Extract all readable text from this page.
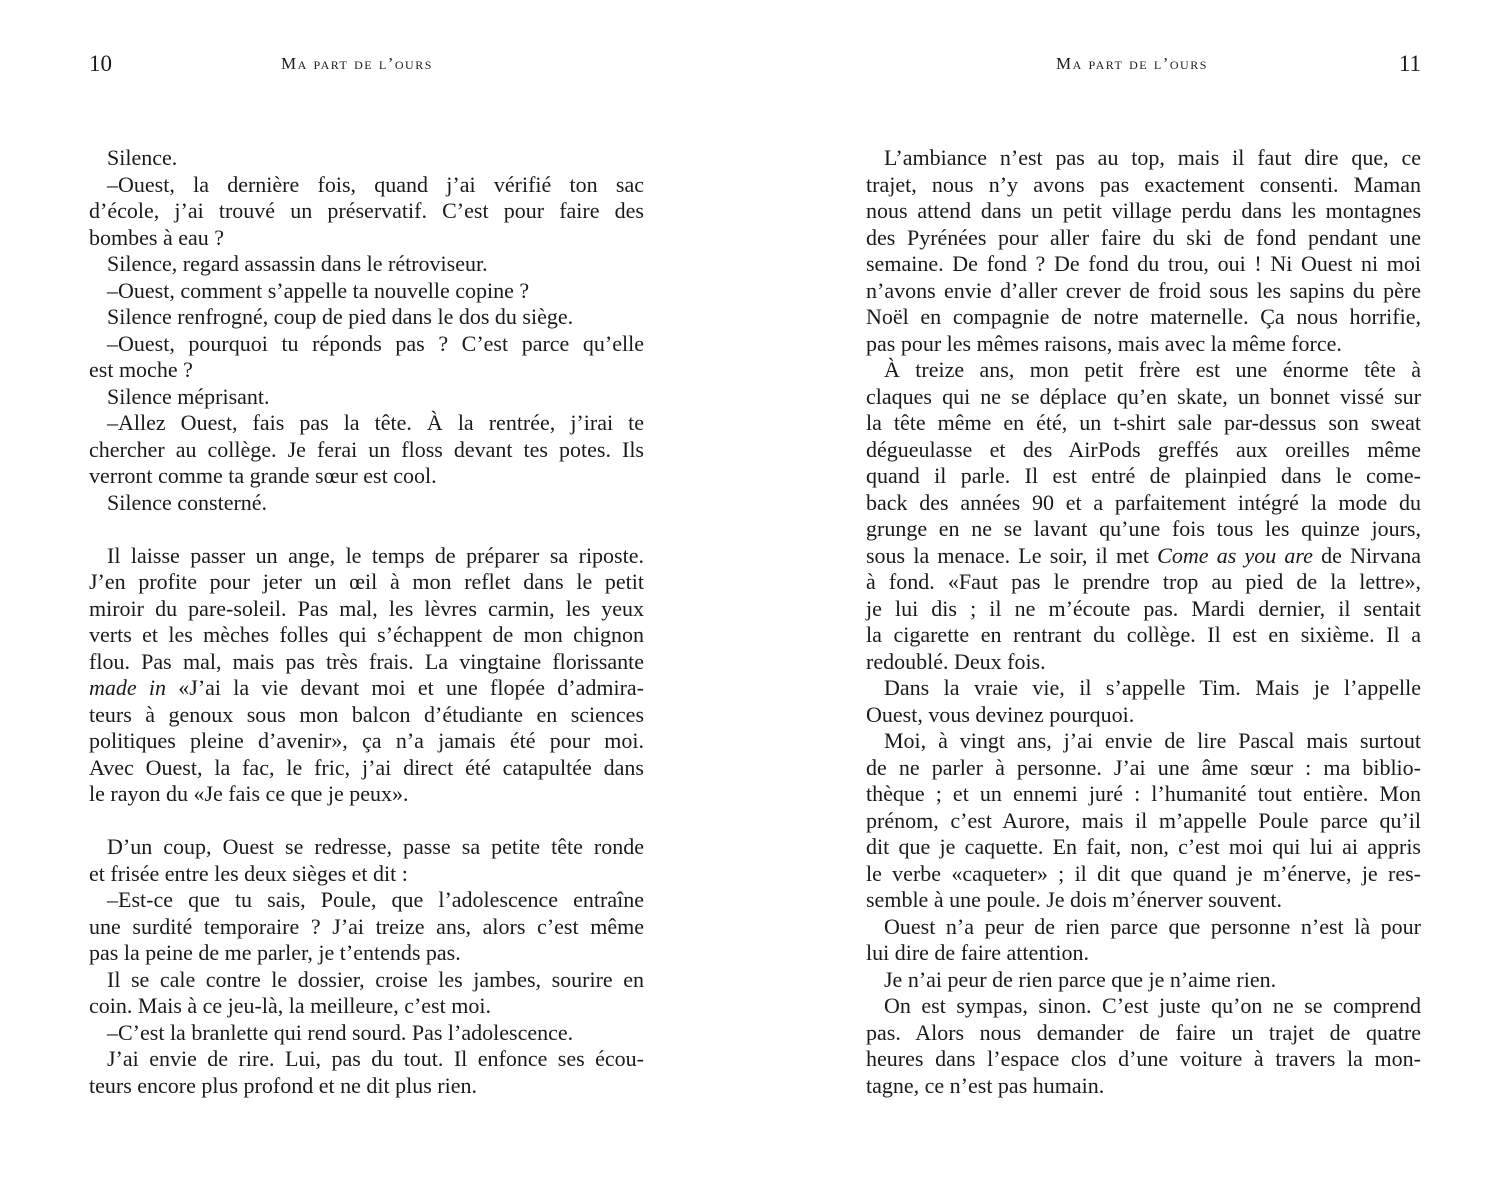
10	Ma part de l’ours
Silence.
–Ouest, la dernière fois, quand j’ai vérifié ton sac
d’école, j’ai trouvé un préservatif. C’est pour faire des
bombes à eau ?
Silence, regard assassin dans le rétroviseur.
–Ouest, comment s’appelle ta nouvelle copine ?
Silence renfrogné, coup de pied dans le dos du siège.
–Ouest, pourquoi tu réponds pas ? C’est parce qu’elle
est moche ?
Silence méprisant.
–Allez Ouest, fais pas la tête. À la rentrée, j’irai te
chercher au collège. Je ferai un floss devant tes potes. Ils
verront comme ta grande sœur est cool.
Silence consterné.
Il laisse passer un ange, le temps de préparer sa riposte.
J’en profite pour jeter un œil à mon reflet dans le petit
miroir du pare-soleil. Pas mal, les lèvres carmin, les yeux
verts et les mèches folles qui s’échappent de mon chignon
flou. Pas mal, mais pas très frais. La vingtaine florissante
made in «J’ai la vie devant moi et une flopée d’admira-
teurs à genoux sous mon balcon d’étudiante en sciences
politiques pleine d’avenir», ça n’a jamais été pour moi.
Avec Ouest, la fac, le fric, j’ai direct été catapultée dans
le rayon du «Je fais ce que je peux».
D’un coup, Ouest se redresse, passe sa petite tête ronde
et frisée entre les deux sièges et dit :
–Est-ce que tu sais, Poule, que l’adolescence entraîne
une surdité temporaire ? J’ai treize ans, alors c’est même
pas la peine de me parler, je t’entends pas.
Il se cale contre le dossier, croise les jambes, sourire en
coin. Mais à ce jeu-là, la meilleure, c’est moi.
–C’est la branlette qui rend sourd. Pas l’adolescence.
J’ai envie de rire. Lui, pas du tout. Il enfonce ses écou-
teurs encore plus profond et ne dit plus rien.
Ma part de l’ours	11
L’ambiance n’est pas au top, mais il faut dire que, ce
trajet, nous n’y avons pas exactement consenti. Maman
nous attend dans un petit village perdu dans les montagnes
des Pyrénées pour aller faire du ski de fond pendant une
semaine. De fond ? De fond du trou, oui ! Ni Ouest ni moi
n’avons envie d’aller crever de froid sous les sapins du père
Noël en compagnie de notre maternelle. Ça nous horrifie,
pas pour les mêmes raisons, mais avec la même force.
À treize ans, mon petit frère est une énorme tête à
claques qui ne se déplace qu’en skate, un bonnet vissé sur
la tête même en été, un t-shirt sale par-dessus son sweat
dégueulasse et des AirPods greffés aux oreilles même
quand il parle. Il est entré de plainpied dans le come-
back des années 90 et a parfaitement intégré la mode du
grunge en ne se lavant qu’une fois tous les quinze jours,
sous la menace. Le soir, il met Come as you are de Nirvana
à fond. «Faut pas le prendre trop au pied de la lettre»,
je lui dis ; il ne m’écoute pas. Mardi dernier, il sentait
la cigarette en rentrant du collège. Il est en sixième. Il a
redoublé. Deux fois.
Dans la vraie vie, il s’appelle Tim. Mais je l’appelle
Ouest, vous devinez pourquoi.
Moi, à vingt ans, j’ai envie de lire Pascal mais surtout
de ne parler à personne. J’ai une âme sœur : ma biblio-
thèque ; et un ennemi juré : l’humanité tout entière. Mon
prénom, c’est Aurore, mais il m’appelle Poule parce qu’il
dit que je caquette. En fait, non, c’est moi qui lui ai appris
le verbe «caqueter» ; il dit que quand je m’énerve, je res-
semble à une poule. Je dois m’énerver souvent.
Ouest n’a peur de rien parce que personne n’est là pour
lui dire de faire attention.
Je n’ai peur de rien parce que je n’aime rien.
On est sympas, sinon. C’est juste qu’on ne se comprend
pas. Alors nous demander de faire un trajet de quatre
heures dans l’espace clos d’une voiture à travers la mon-
tagne, ce n’est pas humain.
